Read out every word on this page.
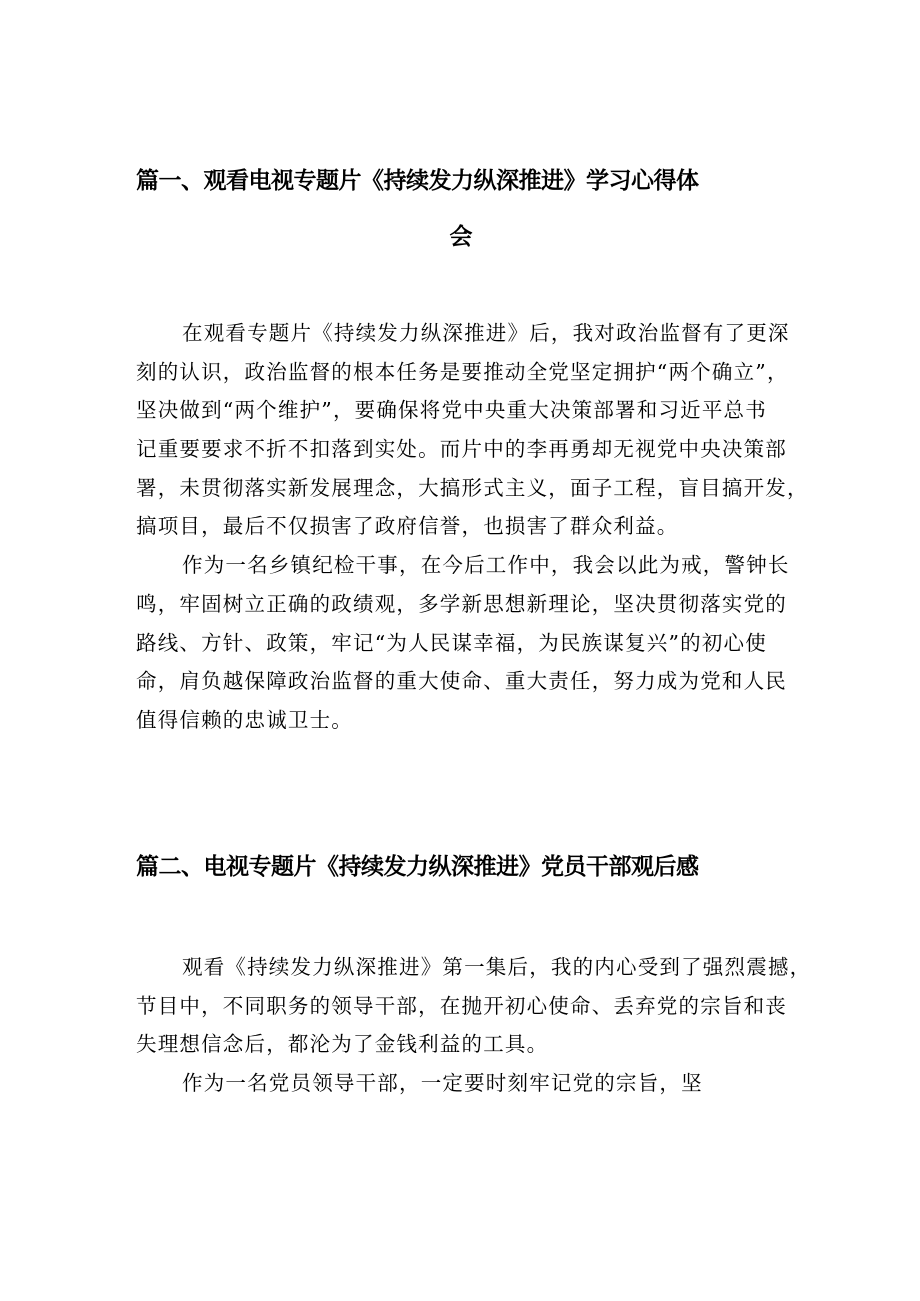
篇一、观看电视专题片《持续发力纵深推进》学习心得体
会

在观看专题片《持续发力纵深推进》后，我对政治监督有了更深
刻的认识，政治监督的根本任务是要推动全党坚定拥护“两个确立”，
坚决做到“两个维护”，要确保将党中央重大决策部署和习近平总书
记重要要求不折不扣落到实处。而片中的李再勇却无视党中央决策部
署，未贯彻落实新发展理念，大搞形式主义，面子工程，盲目搞开发，
搞项目，最后不仅损害了政府信誉，也损害了群众利益。

作为一名乡镇纪检干事，在今后工作中，我会以此为戒，警钟长
鸣，牢固树立正确的政绩观，多学新思想新理论，坚决贯彻落实党的
路线、方针、政策，牢记“为人民谋幸福，为民族谋复兴”的初心使
命，肩负越保障政治监督的重大使命、重大责任，努力成为党和人民
值得信赖的忠诚卫士。

篇二、电视专题片《持续发力纵深推进》党员干部观后感

观看《持续发力纵深推进》第一集后，我的内心受到了强烈震撼，
节目中，不同职务的领导干部，在抛开初心使命、丢弃党的宗旨和丧
失理想信念后，都沦为了金钱利益的工具。

作为一名党员领导干部，一定要时刻牢记党的宗旨，坚
